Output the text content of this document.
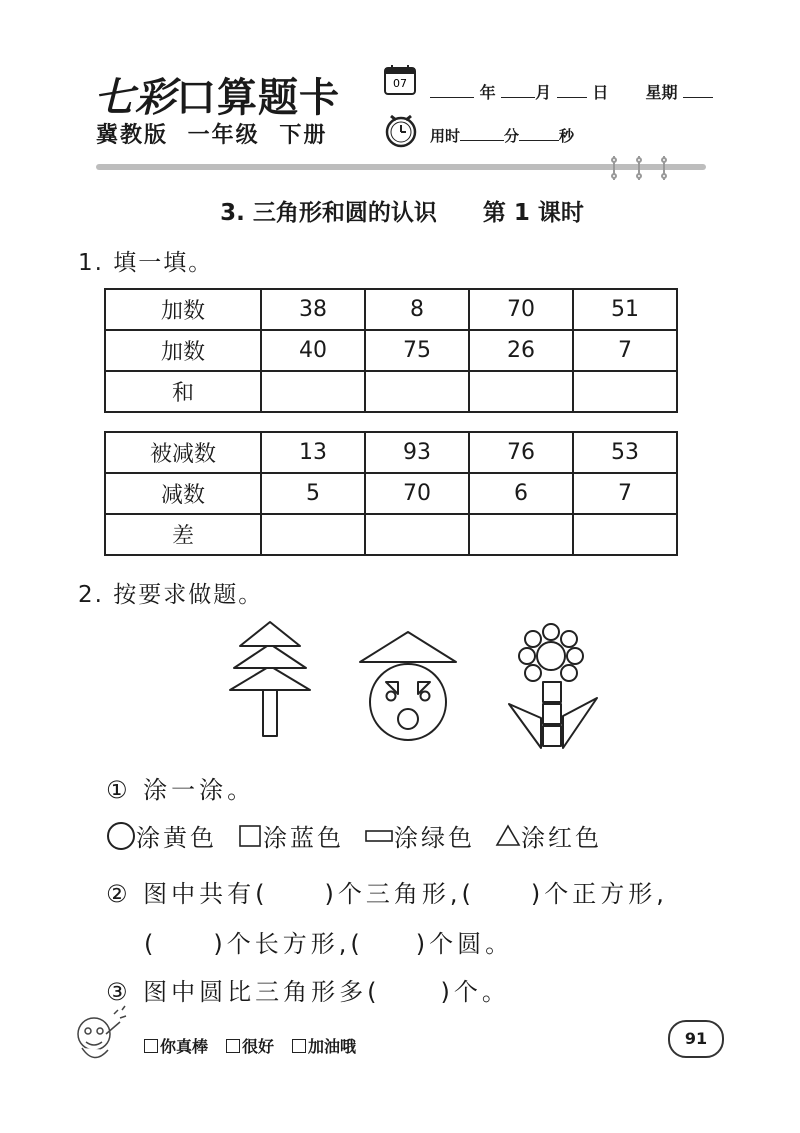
七彩口算题卡
冀教版 一年级 下册
07	年 月	日 星期
用时	分	秒
3. 三角形和圆的认识 第 1 课时
1. 填一填。
加数	38	8	70	51
加数	40	75	26	7
和				
被减数	13	93	76	53
减数	5	70	6	7
差				
2. 按要求做题。
① 涂一涂。
涂黄色 涂蓝色 涂绿色 涂红色
② 图中共有( )个三角形,( )个正方形,
( )个长方形,( )个圆。
③ 图中圆比三角形多(	)个。
你真棒 很好 加油哦	91
